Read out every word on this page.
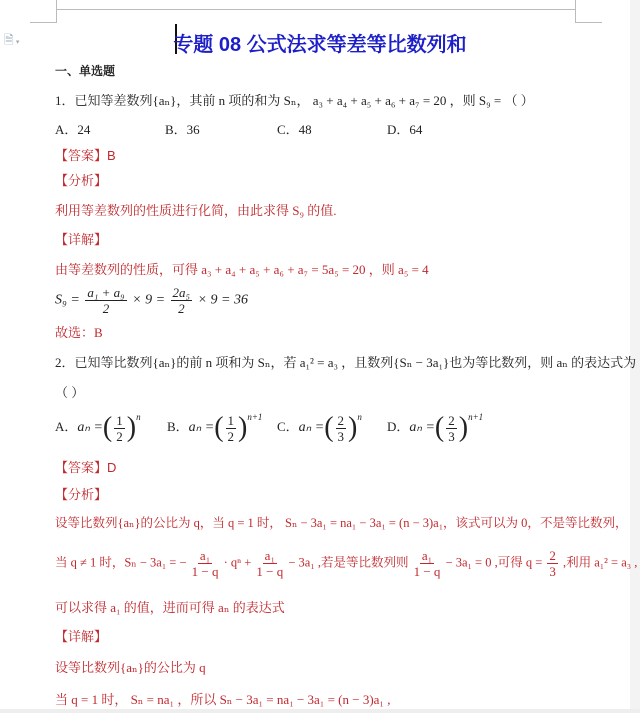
🗎 ▾	专题 08 公式法求等差等比数列和
一、单选题
1．已知等差数列{aₙ}，其前 n 项的和为 Sₙ， a₃ + a₄ + a₅ + a₆ + a₇ = 20 ，则 S₉ = （ ）
A．24	B．36	C．48	D．64
【答案】B
【分析】
利用等差数列的性质进行化简，由此求得 S₉ 的值.
【详解】
由等差数列的性质，可得 a₃ + a₄ + a₅ + a₆ + a₇ = 5a₅ = 20 ，则 a₅ = 4
$S_9 = \frac{\text{a₁ + a₉}}{2} \times 9 = \frac{\text{2a₅}}{2} \times 9 = 36$
故选：B
2．已知等比数列{aₙ}的前 n 项和为 Sₙ，若 a₁² = a₃ ，且数列{Sₙ − 3a₁}也为等比数列，则 aₙ 的表达式为
（ ）
A．aₙ =( $\frac{1}{2} )^n$
B．aₙ =( $\frac{1}{2} )^{n+1}$
C．aₙ =( $\frac{2}{3} )^n$
D．aₙ =( $\frac{2}{3} )^{n+1}$
【答案】D
【分析】
设等比数列{aₙ}的公比为 q，当 q = 1 时， Sₙ − 3a₁ = na₁ − 3a₁ = (n − 3)a₁，该式可以为 0，不是等比数列，
当 q ≠ 1 时，Sₙ − 3a₁ = − $\frac{\text{a₁}}{1 - q} \cdot q^n + \frac{\text{a₁}}{1 - q} - 3a_1$ ,若是等比数列则 $\frac{\text{a₁}}{1 - q} - 3a_1 = 0$ ,可得 $q = \frac{2}{3}$ ,利用 a₁² = a₃ ,
可以求得 a₁ 的值，进而可得 aₙ 的表达式
【详解】
设等比数列{aₙ}的公比为 q
当 q = 1 时， Sₙ = na₁ ，所以 Sₙ − 3a₁ = na₁ − 3a₁ = (n − 3)a₁ ,
